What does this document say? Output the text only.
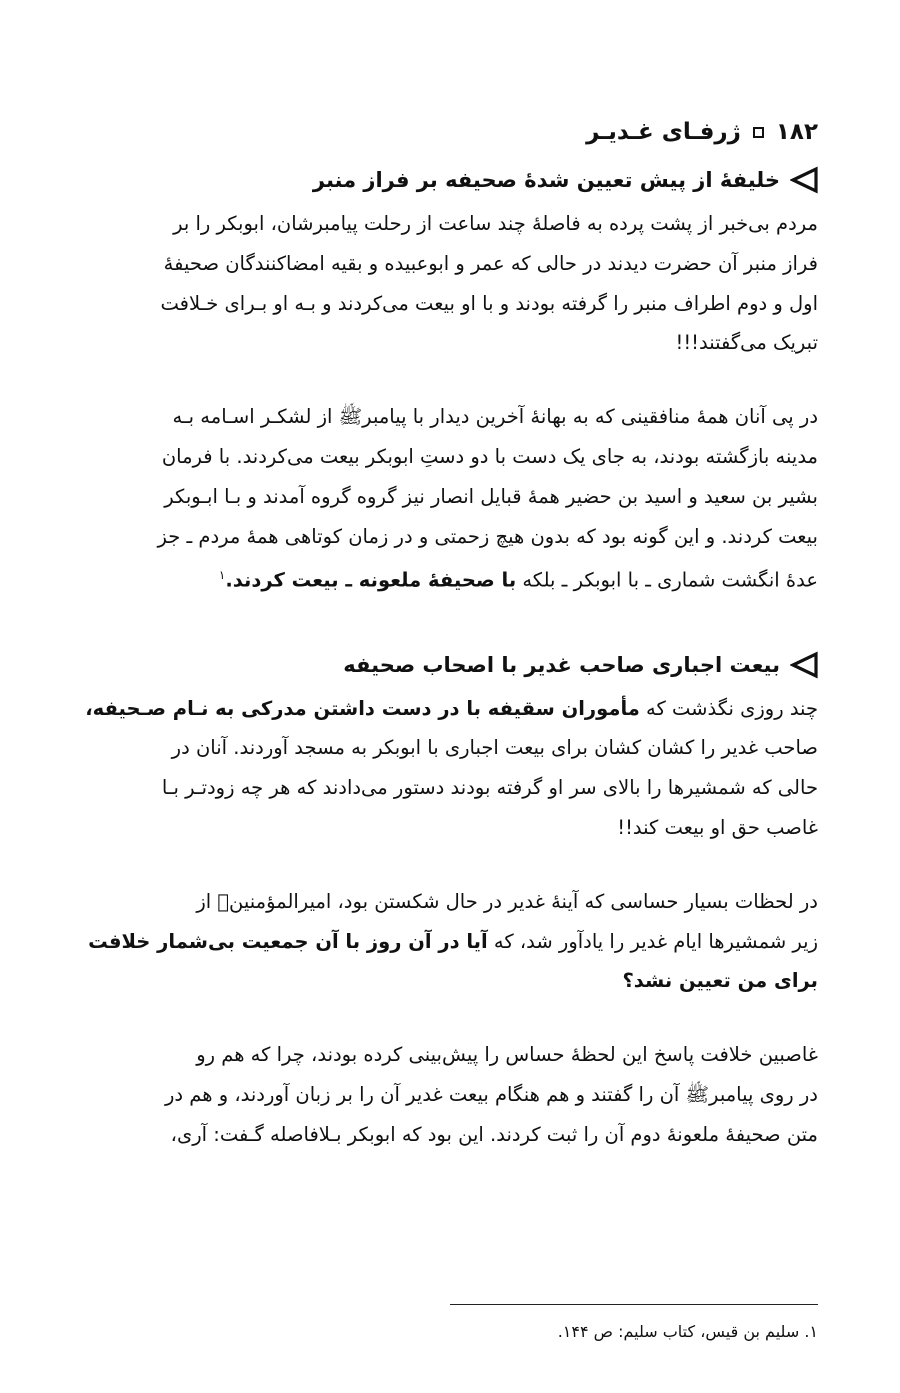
۱۸۲
ژرفـای غـدیـر
خلیفهٔ از پیش تعیین شدهٔ صحیفه بر فراز منبر

مردم بی‌خبر از پشت پرده به فاصلهٔ چند ساعت از رحلت پیامبرشان، ابوبکر را بر
فراز منبر آن حضرت دیدند در حالی که عمر و ابوعبیده و بقیه امضاکنندگان صحیفهٔ
اول و دوم اطراف منبر را گرفته بودند و با او بیعت می‌کردند و بـه او بـرای خـلافت
تبریک می‌گفتند!!!

در پی آنان همهٔ منافقینی که به بهانهٔ آخرین دیدار با پیامبرﷺ از لشکـر اسـامه بـه
مدینه بازگشته بودند، به جای یک دست با دو دستِ ابوبکر بیعت می‌کردند. با فرمان
بشیر بن سعید و اسید بن حضیر همهٔ قبایل انصار نیز گروه گروه آمدند و بـا ابـوبکر
بیعت کردند. و این گونه بود که بدون هیچ زحمتی و در زمان کوتاهی همهٔ مردم ـ جز
عدهٔ انگشت شماری ـ با ابوبکر ـ بلکه با صحیفهٔ ملعونه ـ بیعت کردند.$^۱$

بیعت اجباری صاحب غدیر با اصحاب صحیفه

چند روزی نگذشت که مأموران سقیفه با در دست داشتن مدرکی به نـام صـحیفه،
صاحب غدیر را کشان کشان برای بیعت اجباری با ابوبکر به مسجد آوردند. آنان در
حالی که شمشیرها را بالای سر او گرفته بودند دستور می‌دادند که هر چه زودتـر بـا
غاصب حق او بیعت کند!!

در لحظات بسیار حساسی که آینهٔ غدیر در حال شکستن بود، امیرالمؤمنینؑ از
زیر شمشیرها ایام غدیر را یادآور شد، که آیا در آن روز با آن جمعیت بی‌شمار خلافت
برای من تعیین نشد؟

غاصبین خلافت پاسخ این لحظهٔ حساس را پیش‌بینی کرده بودند، چرا که هم رو
در روی پیامبرﷺ آن را گفتند و هم هنگام بیعت غدیر آن را بر زبان آوردند، و هم در
متن صحیفهٔ ملعونهٔ دوم آن را ثبت کردند. این بود که ابوبکر بـلافاصله گـفت: آری،

۱. سلیم بن قیس، کتاب سلیم: ص ۱۴۴.
